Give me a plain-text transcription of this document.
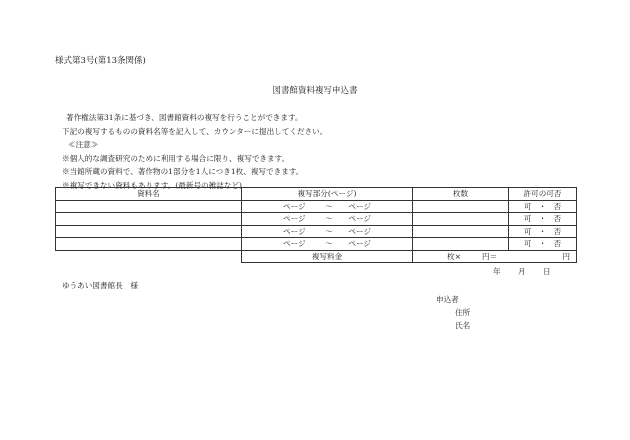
様式第3号(第13条関係)
図書館資料複写申込書
著作権法第31条に基づき、図書館資料の複写を行うことができます。
下記の複写するものの資料名等を記入して、カウンターに提出してください。
≪注意≫
※個人的な調査研究のために利用する場合に限り、複写できます。
※当館所蔵の資料で、著作物の1部分を1人につき1枚、複写できます。
※複写できない資料もあります。(最新号の雑誌など)
資料名	複写部分(ページ)	枚数	許可の可否
	ページ ～ ページ		可 ・ 否
	ページ ～ ページ		可 ・ 否
	ページ ～ ページ		可 ・ 否
	ページ ～ ページ		可 ・ 否
	複写料金	枚× 円＝ 円	
年 月 日
ゆうあい図書館長　様
申込者
住所
氏名
